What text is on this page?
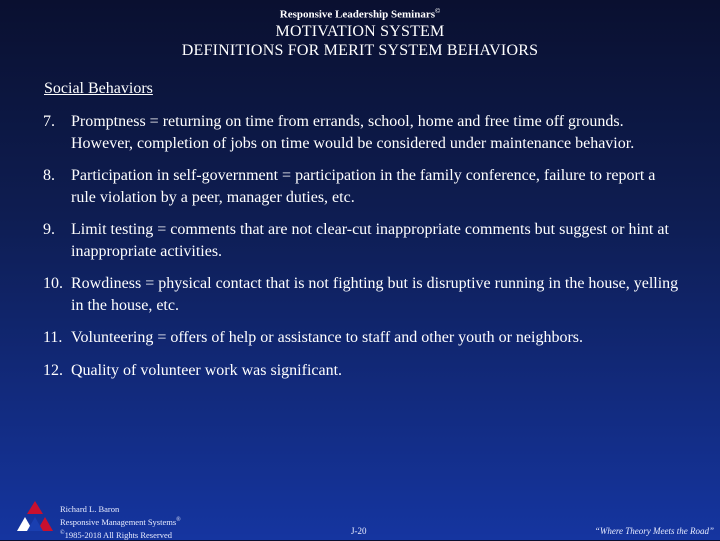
Responsive Leadership Seminars©
MOTIVATION SYSTEM
DEFINITIONS FOR MERIT SYSTEM BEHAVIORS
Social Behaviors
7.	Promptness = returning on time from errands, school, home and free time off grounds. However, completion of jobs on time would be considered under maintenance behavior.
8.	Participation in self-government = participation in the family conference, failure to report a rule violation by a peer, manager duties, etc.
9.	Limit testing = comments that are not clear-cut inappropriate comments but suggest or hint at inappropriate activities.
10. Rowdiness = physical contact that is not fighting but is disruptive running in the house, yelling in the house, etc.
11. Volunteering = offers of help or assistance to staff and other youth or neighbors.
12. Quality of volunteer work was significant.
Richard L. Baron
Responsive Management Systems®
©1985-2018 All Rights Reserved	J-20	“Where Theory Meets the Road”
